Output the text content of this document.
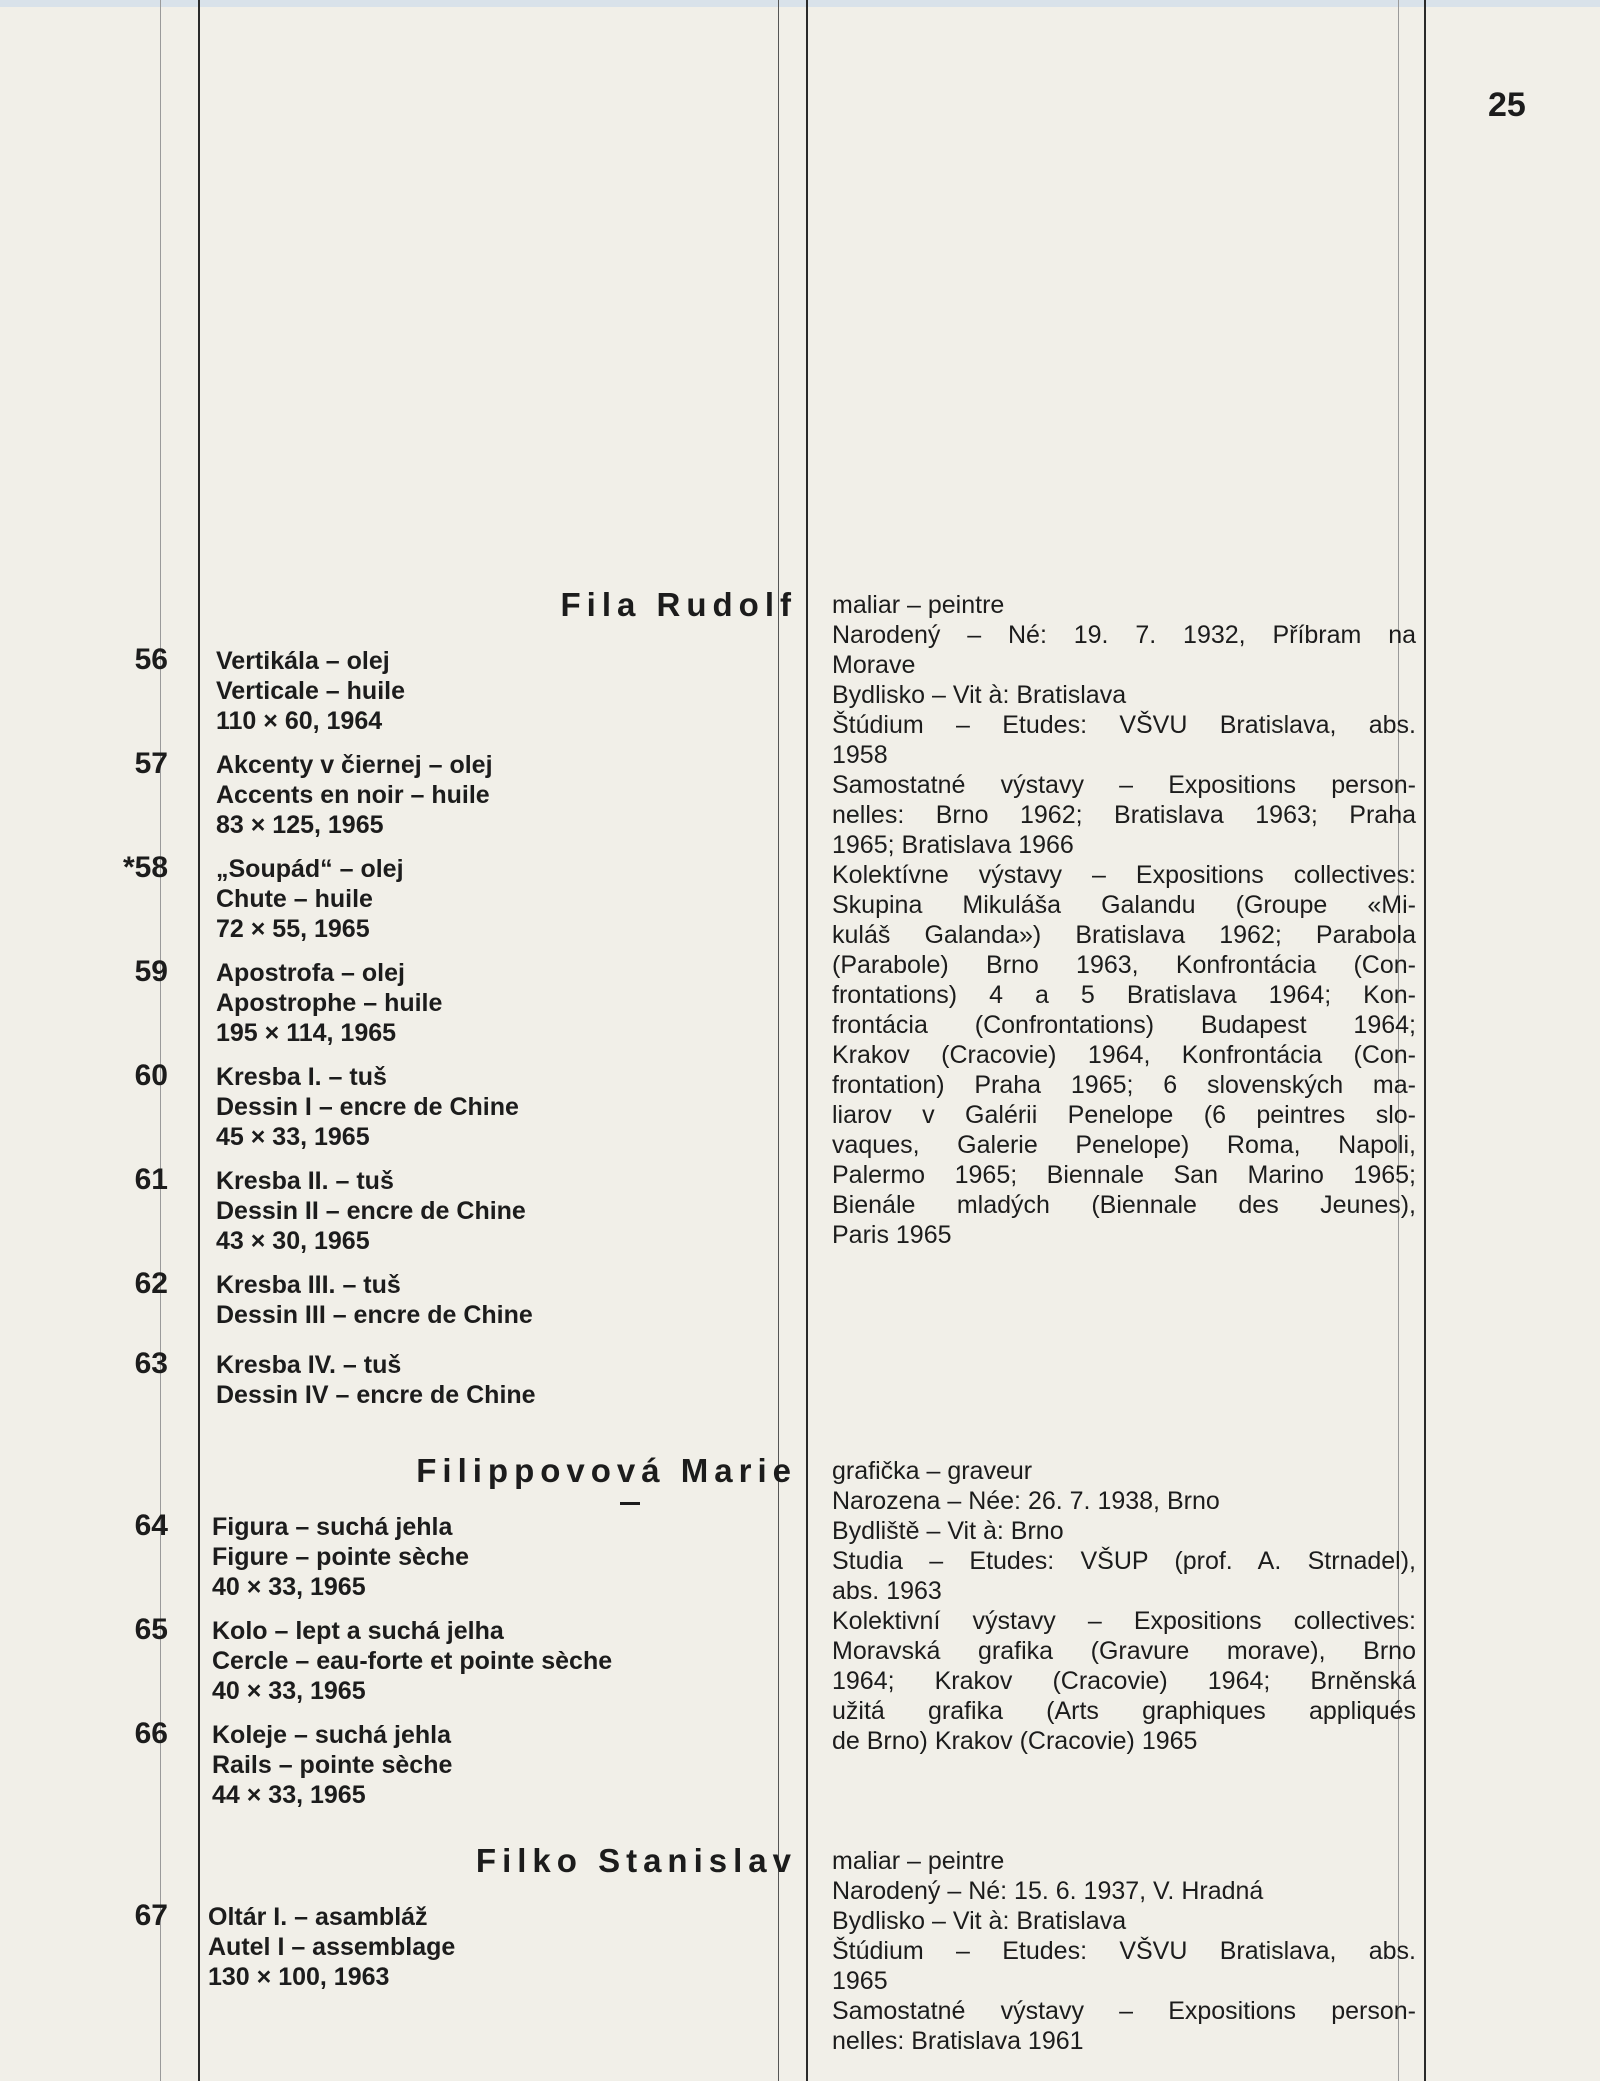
25
Fila Rudolf maliar – peintre
Narodený – Né: 19. 7. 1932, Příbram na
Morave
Bydlisko – Vit à: Bratislava
Štúdium – Etudes: VŠVU Bratislava, abs.
1958
Samostatné výstavy – Expositions person-
nelles: Brno 1962; Bratislava 1963; Praha
1965; Bratislava 1966
Kolektívne výstavy – Expositions collectives:
Skupina Mikuláša Galandu (Groupe «Mi-
kuláš Galanda») Bratislava 1962; Parabola
(Parabole) Brno 1963, Konfrontácia (Con-
frontations) 4 a 5 Bratislava 1964; Kon-
frontácia (Confrontations) Budapest 1964;
Krakov (Cracovie) 1964, Konfrontácia (Con-
frontation) Praha 1965; 6 slovenských ma-
liarov v Galérii Penelope (6 peintres slo-
vaques, Galerie Penelope) Roma, Napoli,
Palermo 1965; Biennale San Marino 1965;
Bienále mladých (Biennale des Jeunes),
Paris 1965
56 Vertikála – olej
Verticale – huile
110 × 60, 1964
57 Akcenty v čiernej – olej
Accents en noir – huile
83 × 125, 1965
*58 „Soupád“ – olej
Chute – huile
72 × 55, 1965
59 Apostrofa – olej
Apostrophe – huile
195 × 114, 1965
60 Kresba I. – tuš
Dessin I – encre de Chine
45 × 33, 1965
61 Kresba II. – tuš
Dessin II – encre de Chine
43 × 30, 1965
62 Kresba III. – tuš
Dessin III – encre de Chine
63 Kresba IV. – tuš
Dessin IV – encre de Chine
Filippovová Marie grafička – graveur
Narozena – Née: 26. 7. 1938, Brno
Bydliště – Vit à: Brno
Studia – Etudes: VŠUP (prof. A. Strnadel),
abs. 1963
Kolektivní výstavy – Expositions collectives:
Moravská grafika (Gravure morave), Brno
1964; Krakov (Cracovie) 1964; Brněnská
užitá grafika (Arts graphiques appliqués
de Brno) Krakov (Cracovie) 1965
64 Figura – suchá jehla
Figure – pointe sèche
40 × 33, 1965
65 Kolo – lept a suchá jelha
Cercle – eau-forte et pointe sèche
40 × 33, 1965
66 Koleje – suchá jehla
Rails – pointe sèche
44 × 33, 1965
Filko Stanislav maliar – peintre
Narodený – Né: 15. 6. 1937, V. Hradná
Bydlisko – Vit à: Bratislava
Štúdium – Etudes: VŠVU Bratislava, abs.
1965
Samostatné výstavy – Expositions person-
nelles: Bratislava 1961
67 Oltár I. – asambláž
Autel I – assemblage
130 × 100, 1963
